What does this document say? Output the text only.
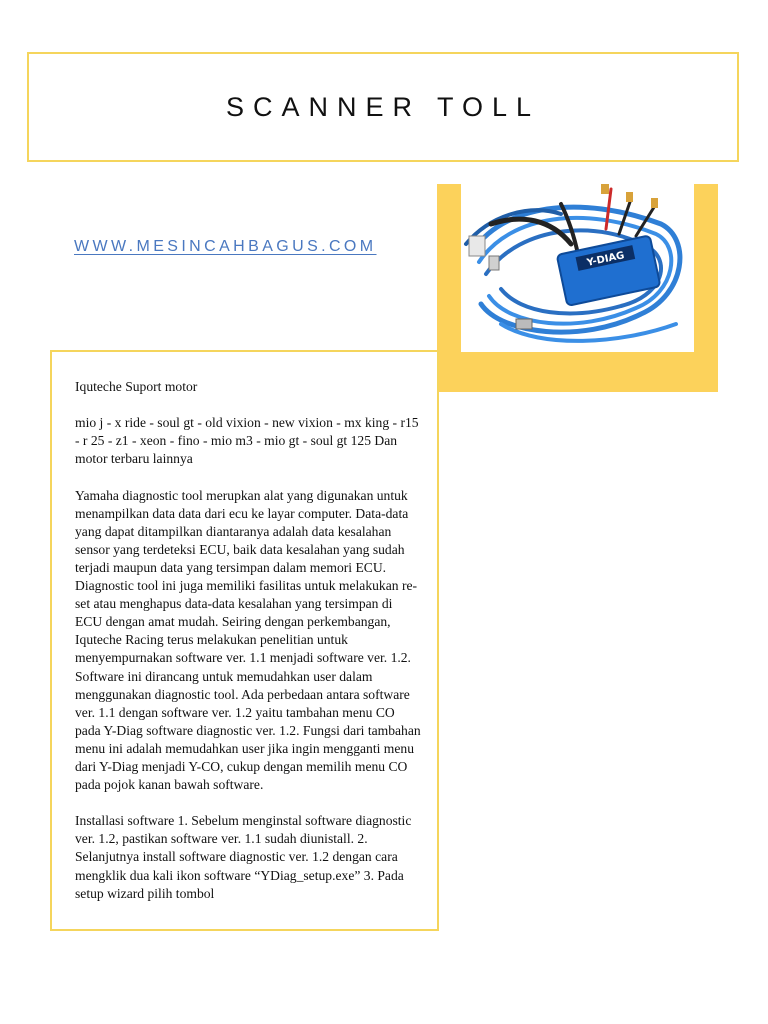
SCANNER TOLL
WWW.MESINCAHBAGUS.COM
Y-DIAG

Iquteche Suport motor

mio j - x ride - soul gt - old vixion - new vixion - mx king - r15 - r 25 - z1 - xeon - fino - mio m3 - mio gt - soul gt 125 Dan motor terbaru lainnya

Yamaha diagnostic tool merupkan alat yang digunakan untuk menampilkan data data dari ecu ke layar computer. Data-data yang dapat ditampilkan diantaranya adalah data kesalahan sensor yang terdeteksi ECU, baik data kesalahan yang sudah terjadi maupun data yang tersimpan dalam memori ECU. Diagnostic tool ini juga memiliki fasilitas untuk melakukan re-set atau menghapus data-data kesalahan yang tersimpan di ECU dengan amat mudah. Seiring dengan perkembangan, Iquteche Racing terus melakukan penelitian untuk menyempurnakan software ver. 1.1 menjadi software ver. 1.2. Software ini dirancang untuk memudahkan user dalam menggunakan diagnostic tool. Ada perbedaan antara software ver. 1.1 dengan software ver. 1.2 yaitu tambahan menu CO pada Y-Diag software diagnostic ver. 1.2. Fungsi dari tambahan menu ini adalah memudahkan user jika ingin mengganti menu dari Y-Diag menjadi Y-CO, cukup dengan memilih menu CO pada pojok kanan bawah software.

Installasi software 1. Sebelum menginstal software diagnostic ver. 1.2, pastikan software ver. 1.1 sudah diunistall. 2. Selanjutnya install software diagnostic ver. 1.2 dengan cara mengklik dua kali ikon software “YDiag_setup.exe” 3. Pada setup wizard pilih tombol
